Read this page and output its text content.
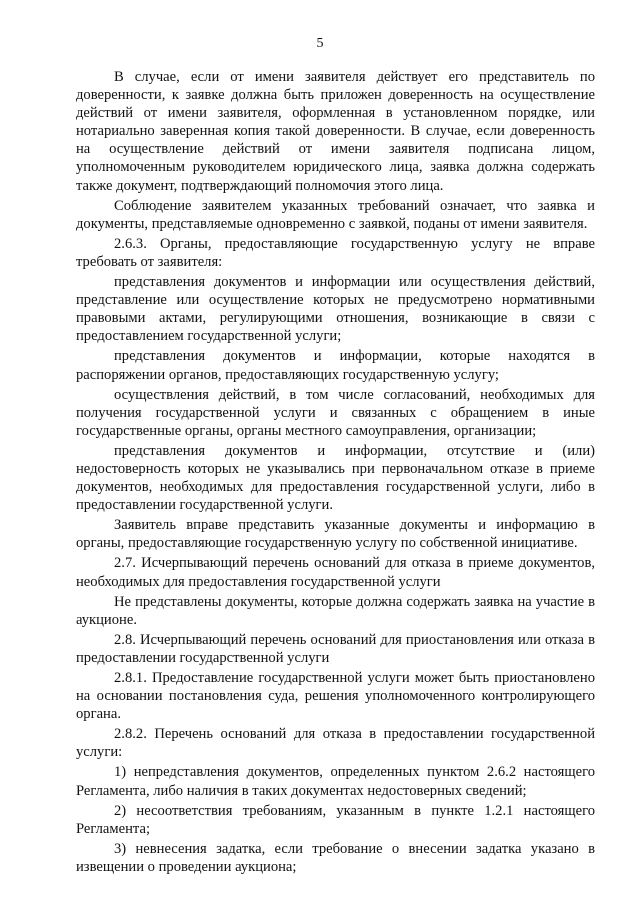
5

В случае, если от имени заявителя действует его представитель по доверенности, к заявке должна быть приложен доверенность на осуществление действий от имени заявителя, оформленная в установленном порядке, или нотариально заверенная копия такой доверенности. В случае, если доверенность на осуществление действий от имени заявителя подписана лицом, уполномоченным руководителем юридического лица, заявка должна содержать также документ, подтверждающий полномочия этого лица.

Соблюдение заявителем указанных требований означает, что заявка и документы, представляемые одновременно с заявкой, поданы от имени заявителя.

2.6.3. Органы, предоставляющие государственную услугу не вправе требовать от заявителя:

представления документов и информации или осуществления действий, представление или осуществление которых не предусмотрено нормативными правовыми актами, регулирующими отношения, возникающие в связи с предоставлением государственной услуги;

представления документов и информации, которые находятся в распоряжении органов, предоставляющих государственную услугу;

осуществления действий, в том числе согласований, необходимых для получения государственной услуги и связанных с обращением в иные государственные органы, органы местного самоуправления, организации;

представления документов и информации, отсутствие и (или) недостоверность которых не указывались при первоначальном отказе в приеме документов, необходимых для предоставления государственной услуги, либо в предоставлении государственной услуги.

Заявитель вправе представить указанные документы и информацию в органы, предоставляющие государственную услугу по собственной инициативе.

2.7. Исчерпывающий перечень оснований для отказа в приеме документов, необходимых для предоставления государственной услуги

Не представлены документы, которые должна содержать заявка на участие в аукционе.

2.8. Исчерпывающий перечень оснований для приостановления или отказа в предоставлении государственной услуги

2.8.1. Предоставление государственной услуги может быть приостановлено на основании постановления суда, решения уполномоченного контролирующего органа.

2.8.2. Перечень оснований для отказа в предоставлении государственной услуги:

1) непредставления документов, определенных пунктом 2.6.2 настоящего Регламента, либо наличия в таких документах недостоверных сведений;

2) несоответствия требованиям, указанным в пункте 1.2.1 настоящего Регламента;

3) невнесения задатка, если требование о внесении задатка указано в извещении о проведении аукциона;
